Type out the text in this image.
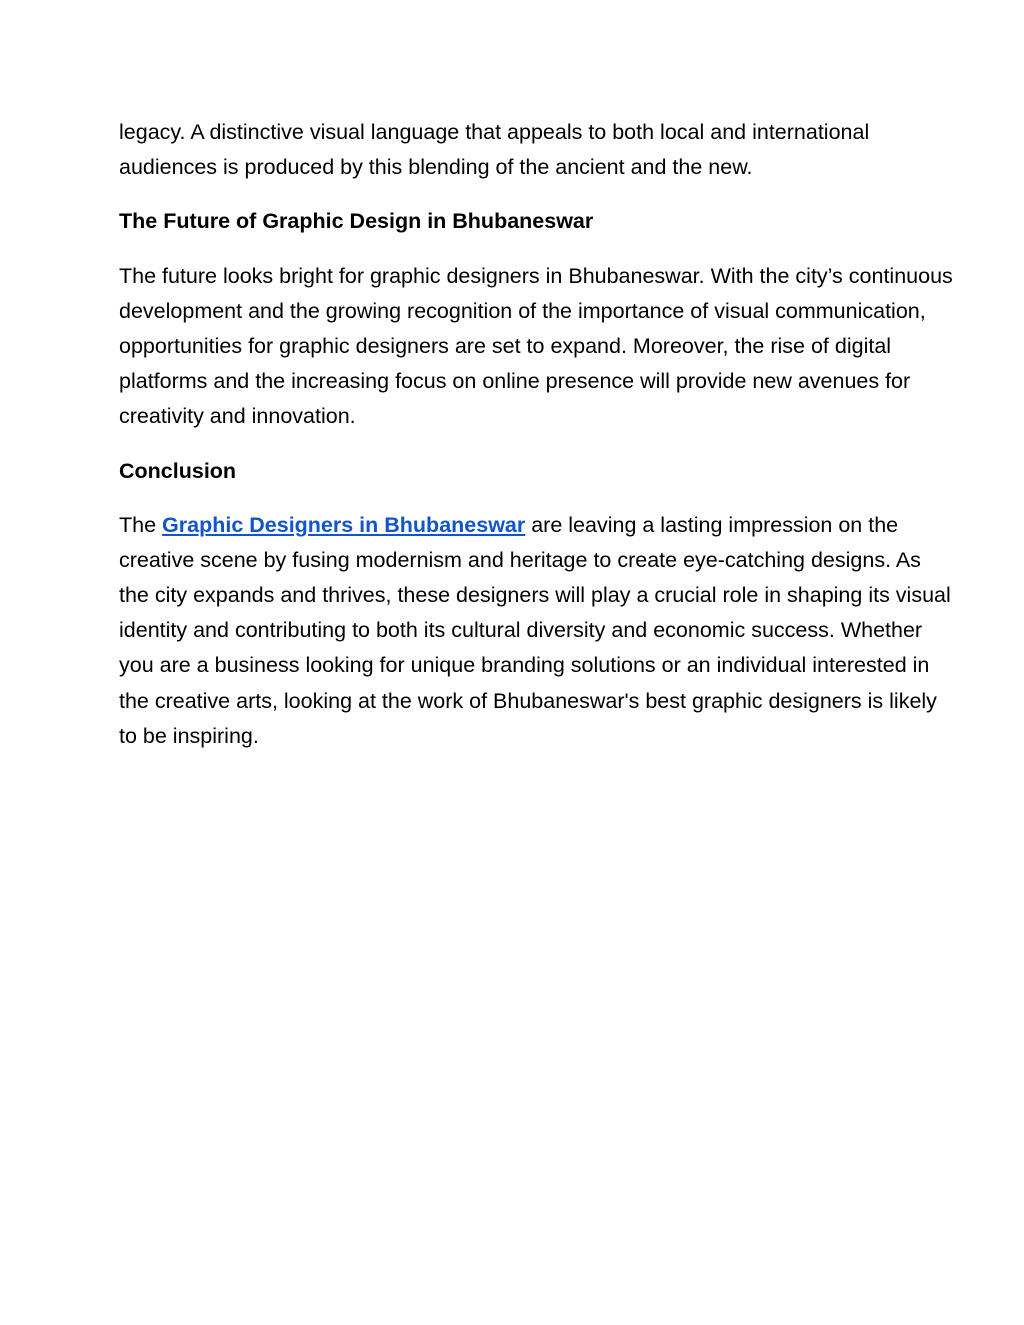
legacy. A distinctive visual language that appeals to both local and international
audiences is produced by this blending of the ancient and the new.
The Future of Graphic Design in Bhubaneswar
The future looks bright for graphic designers in Bhubaneswar. With the city’s continuous
development and the growing recognition of the importance of visual communication,
opportunities for graphic designers are set to expand. Moreover, the rise of digital
platforms and the increasing focus on online presence will provide new avenues for
creativity and innovation.
Conclusion
The Graphic Designers in Bhubaneswar are leaving a lasting impression on the
creative scene by fusing modernism and heritage to create eye-catching designs. As
the city expands and thrives, these designers will play a crucial role in shaping its visual
identity and contributing to both its cultural diversity and economic success. Whether
you are a business looking for unique branding solutions or an individual interested in
the creative arts, looking at the work of Bhubaneswar's best graphic designers is likely
to be inspiring.
